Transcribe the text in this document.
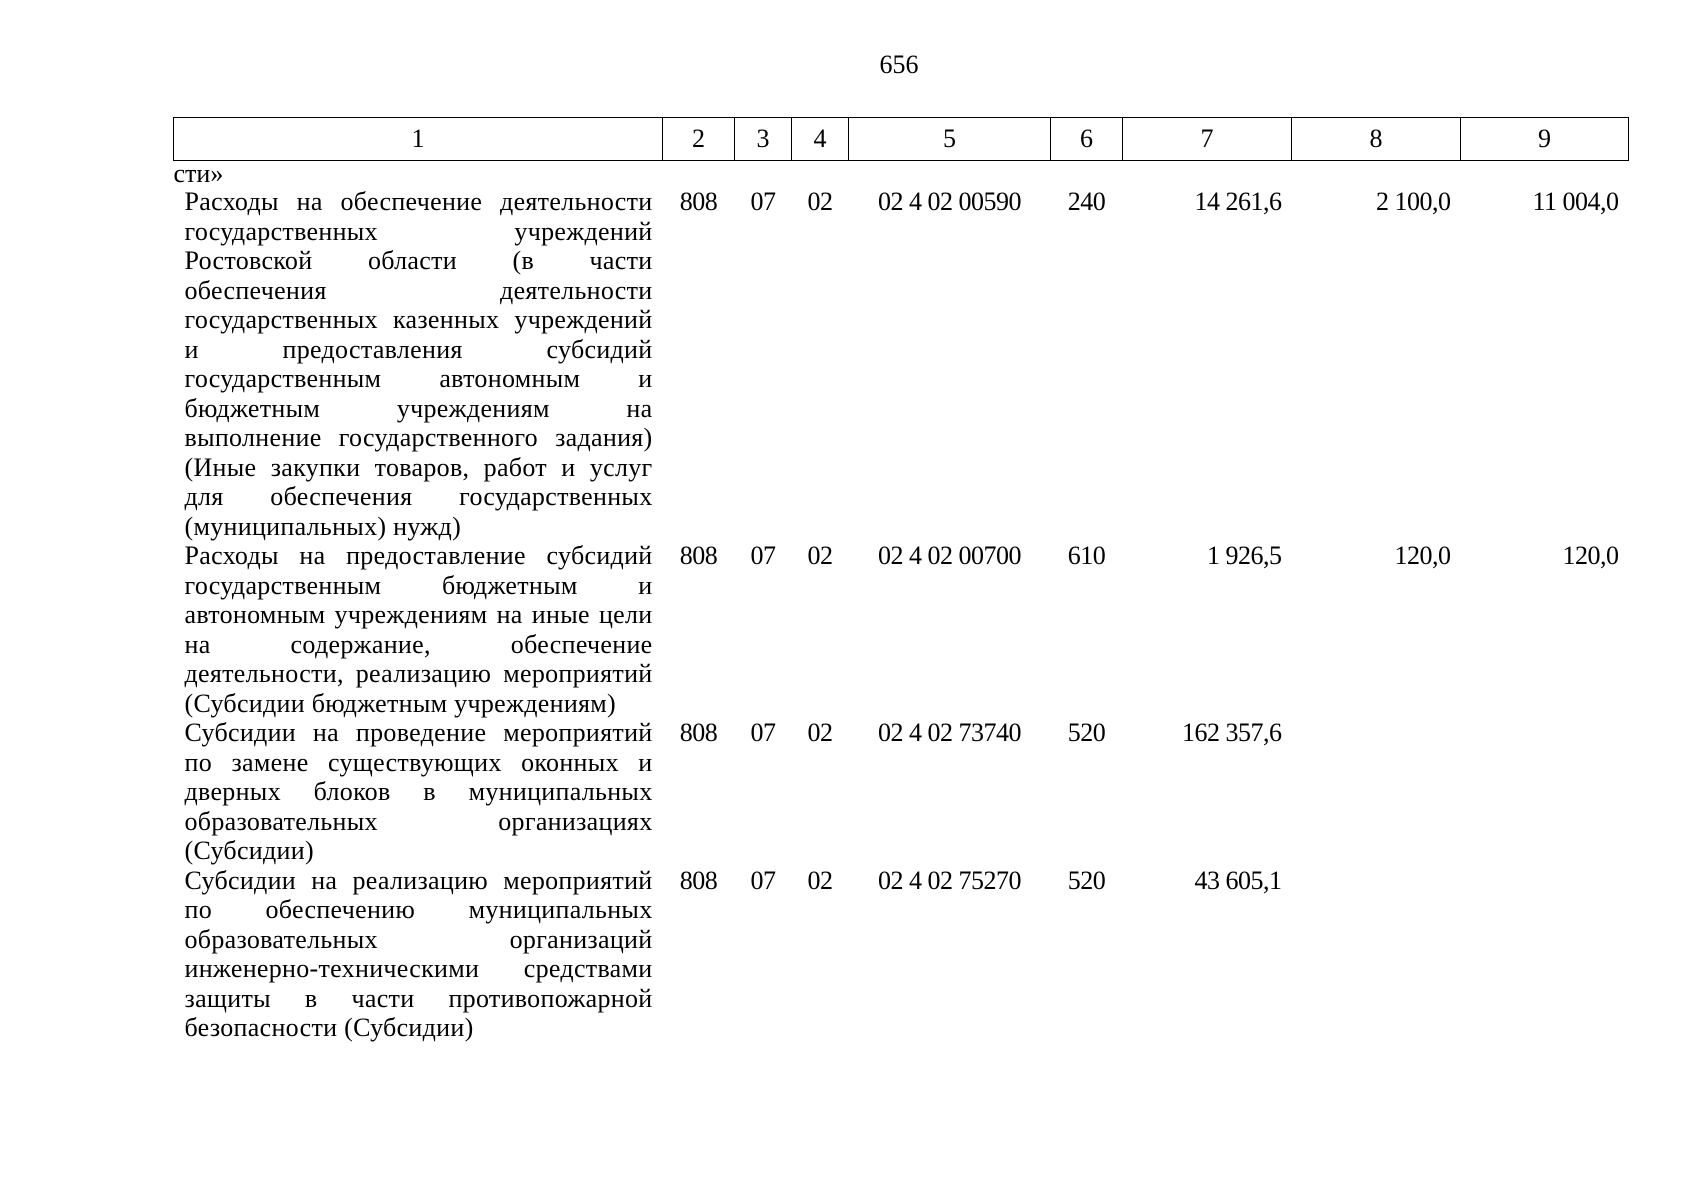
656
1	2	3	4	5	6	7	8	9
сти»								
Расходы на обеспечение деятельности государственных учреждений Ростовской области (в части обеспечения деятельности государственных казенных учреждений и предоставления субсидий государственным автономным и бюджетным учреждениям на выполнение государственного задания) (Иные закупки товаров, работ и услуг для обеспечения государственных (муниципальных) нужд)	808	07	02	02 4 02 00590	240	14 261,6	2 100,0	11 004,0
Расходы на предоставление субсидий государственным бюджетным и автономным учреждениям на иные цели на содержание, обеспечение деятельности, реализацию мероприятий (Субсидии бюджетным учреждениям)	808	07	02	02 4 02 00700	610	1 926,5	120,0	120,0
Субсидии на проведение мероприятий по замене существующих оконных и дверных блоков в муниципальных образовательных организациях (Субсидии)	808	07	02	02 4 02 73740	520	162 357,6		
Субсидии на реализацию мероприятий по обеспечению муниципальных образовательных организаций инженерно-техническими средствами защиты в части противопожарной безопасности (Субсидии)	808	07	02	02 4 02 75270	520	43 605,1		
